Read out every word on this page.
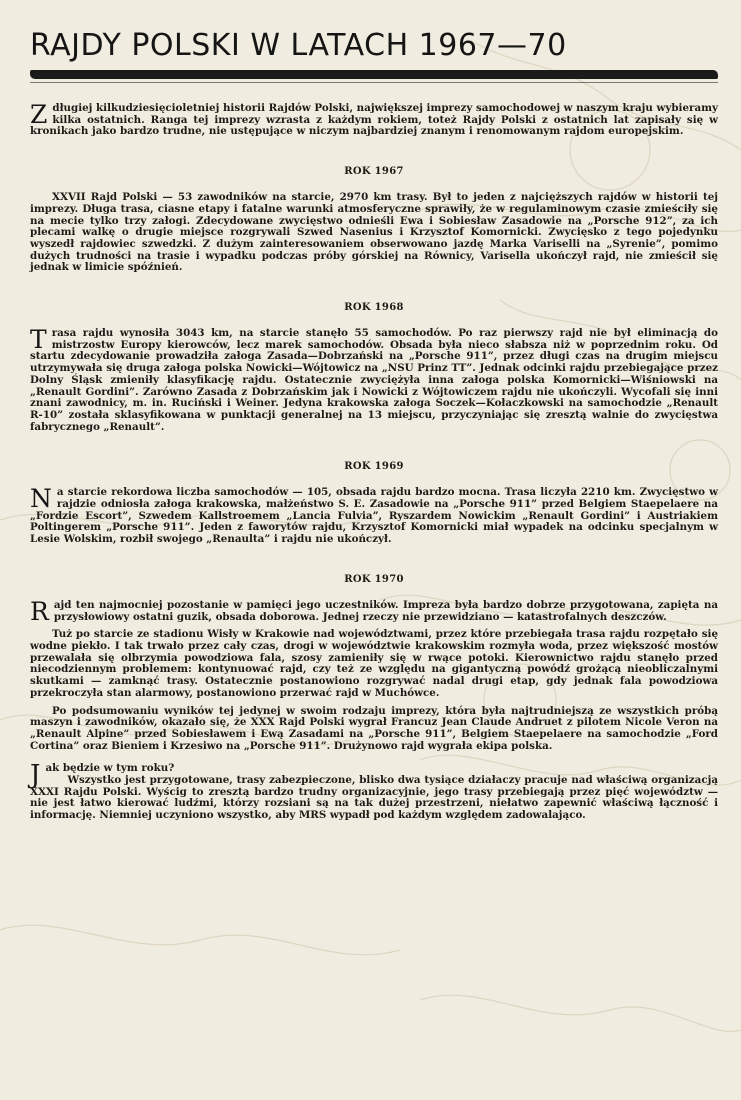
RAJDY POLSKI W LATACH 1967—70

Zdługiej kilkudziesięcioletniej historii Rajdów Polski, największej imprezy samochodowej w naszym kraju wybieramy kilka ostatnich. Ranga tej imprezy wzrasta z każdym rokiem, toteż Rajdy Polski z ostatnich lat zapisały się w kronikach jako bardzo trudne, nie ustępujące w niczym najbardziej znanym i renomowanym rajdom europejskim.

ROK 1967

XXVII Rajd Polski — 53 zawodników na starcie, 2970 km trasy. Był to jeden z najcięższych rajdów w historii tej imprezy. Długa trasa, ciasne etapy i fatalne warunki atmosferyczne sprawiły, że w regulaminowym czasie zmieściły się na mecie tylko trzy załogi. Zdecydowane zwycięstwo odnieśli Ewa i Sobiesław Zasadowie na „Porsche 912”, za ich plecami walkę o drugie miejsce rozgrywali Szwed Nasenius i Krzysztof Komornicki. Zwycięsko z tego pojedynku wyszedł rajdowiec szwedzki. Z dużym zainteresowaniem obserwowano jazdę Marka Variselli na „Syrenie”, pomimo dużych trudności na trasie i wypadku podczas próby górskiej na Równicy, Varisella ukończył rajd, nie zmieścił się jednak w limicie spóźnień.

ROK 1968

Trasa rajdu wynosiła 3043 km, na starcie stanęło 55 samochodów. Po raz pierwszy rajd nie był eliminacją do mistrzostw Europy kierowców, lecz marek samochodów. Obsada była nieco słabsza niż w poprzednim roku. Od startu zdecydowanie prowadziła załoga Zasada—Dobrzański na „Porsche 911”, przez długi czas na drugim miejscu utrzymywała się druga załoga polska Nowicki—Wójtowicz na „NSU Prinz TT”. Jednak odcinki rajdu przebiegające przez Dolny Śląsk zmieniły klasyfikację rajdu. Ostatecznie zwyciężyła inna załoga polska Komornicki—Wiśniowski na „Renault Gordini”. Zarówno Zasada z Dobrzańskim jak i Nowicki z Wójtowiczem rajdu nie ukończyli. Wycofali się inni znani zawodnicy, m. in. Ruciński i Weiner. Jedyna krakowska załoga Soczek—Kołaczkowski na samochodzie „Renault R-10” została sklasyfikowana w punktacji generalnej na 13 miejscu, przyczyniając się zresztą walnie do zwycięstwa fabrycznego „Renault”.

ROK 1969

Na starcie rekordowa liczba samochodów — 105, obsada rajdu bardzo mocna. Trasa liczyła 2210 km. Zwycięstwo w rajdzie odniosła załoga krakowska, małżeństwo S. E. Zasadowie na „Porsche 911” przed Belgiem Staepelaere na „Fordzie Escort”, Szwedem Kallstroemem „Lancia Fulvia”, Ryszardem Nowickim „Renault Gordini” i Austriakiem Poltingerem „Porsche 911”. Jeden z faworytów rajdu, Krzysztof Komornicki miał wypadek na odcinku specjalnym w Lesie Wolskim, rozbił swojego „Renaulta” i rajdu nie ukończył.

ROK 1970

Rajd ten najmocniej pozostanie w pamięci jego uczestników. Impreza była bardzo dobrze przygotowana, zapięta na przysłowiowy ostatni guzik, obsada doborowa. Jednej rzeczy nie przewidziano — katastrofalnych deszczów.

Tuż po starcie ze stadionu Wisły w Krakowie nad województwami, przez które przebiegała trasa rajdu rozpętało się wodne piekło. I tak trwało przez cały czas, drogi w województwie krakowskim rozmyła woda, przez większość mostów przewalała się olbrzymia powodziowa fala, szosy zamieniły się w rwące potoki. Kierownictwo rajdu stanęło przed niecodziennym problemem: kontynuować rajd, czy też ze względu na gigantyczną powódź grożącą nieobliczalnymi skutkami — zamknąć trasy. Ostatecznie postanowiono rozgrywać nadal drugi etap, gdy jednak fala powodziowa przekroczyła stan alarmowy, postanowiono przerwać rajd w Muchówce.

Po podsumowaniu wyników tej jedynej w swoim rodzaju imprezy, która była najtrudniejszą ze wszystkich próbą maszyn i zawodników, okazało się, że XXX Rajd Polski wygrał Francuz Jean Claude Andruet z pilotem Nicole Veron na „Renault Alpine” przed Sobiesławem i Ewą Zasadami na „Porsche 911”, Belgiem Staepelaere na samochodzie „Ford Cortina” oraz Bieniem i Krzesiwo na „Porsche 911”. Drużynowo rajd wygrała ekipa polska.

Jak będzie w tym roku?

Wszystko jest przygotowane, trasy zabezpieczone, blisko dwa tysiące działaczy pracuje nad właściwą organizacją XXXI Rajdu Polski. Wyścig to zresztą bardzo trudny organizacyjnie, jego trasy przebiegają przez pięć województw — nie jest łatwo kierować ludźmi, którzy rozsiani są na tak dużej przestrzeni, niełatwo zapewnić właściwą łączność i informację. Niemniej uczyniono wszystko, aby MRS wypadł pod każdym względem zadowalająco.
